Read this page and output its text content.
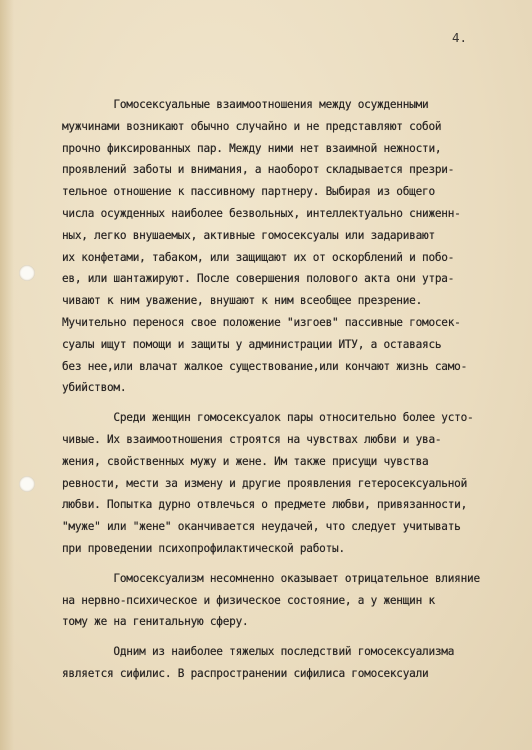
4.
Гомосексуальные взаимоотношения между осужденными
мужчинами возникают обычно случайно и не представляют собой
прочно фиксированных пар. Между ними нет взаимной нежности,
проявлений заботы и внимания, а наоборот складывается презри-
тельное отношение к пассивному партнеру. Выбирая из общего
числа осужденных наиболее безвольных, интеллектуально сниженн-
ных, легко внушаемых, активные гомосексуалы или задаривают
их конфетами, табаком, или защищают их от оскорблений и побо-
ев, или шантажируют. После совершения полового акта они утра-
чивают к ним уважение, внушают к ним всеобщее презрение.
Мучительно перенося свое положение "изгоев" пассивные гомосек-
суалы ищут помощи и защиты у администрации ИТУ, а оставаясь
без нее,или влачат жалкое существование,или кончают жизнь само-
убийством.
Среди женщин гомосексуалок пары относительно более усто-
чивые. Их взаимоотношения строятся на чувствах любви и ува-
жения, свойственных мужу и жене. Им также присущи чувства
ревности, мести за измену и другие проявления гетеросексуальной
любви. Попытка дурно отвлечься о предмете любви, привязанности,
"муже" или "жене" оканчивается неудачей, что следует учитывать
при проведении психопрофилактической работы.
Гомосексуализм несомненно оказывает отрицательное влияние
на нервно-психическое и физическое состояние, а у женщин к
тому же на генитальную сферу.
Одним из наиболее тяжелых последствий гомосексуализма
является сифилис. В распространении сифилиса гомосексуали
